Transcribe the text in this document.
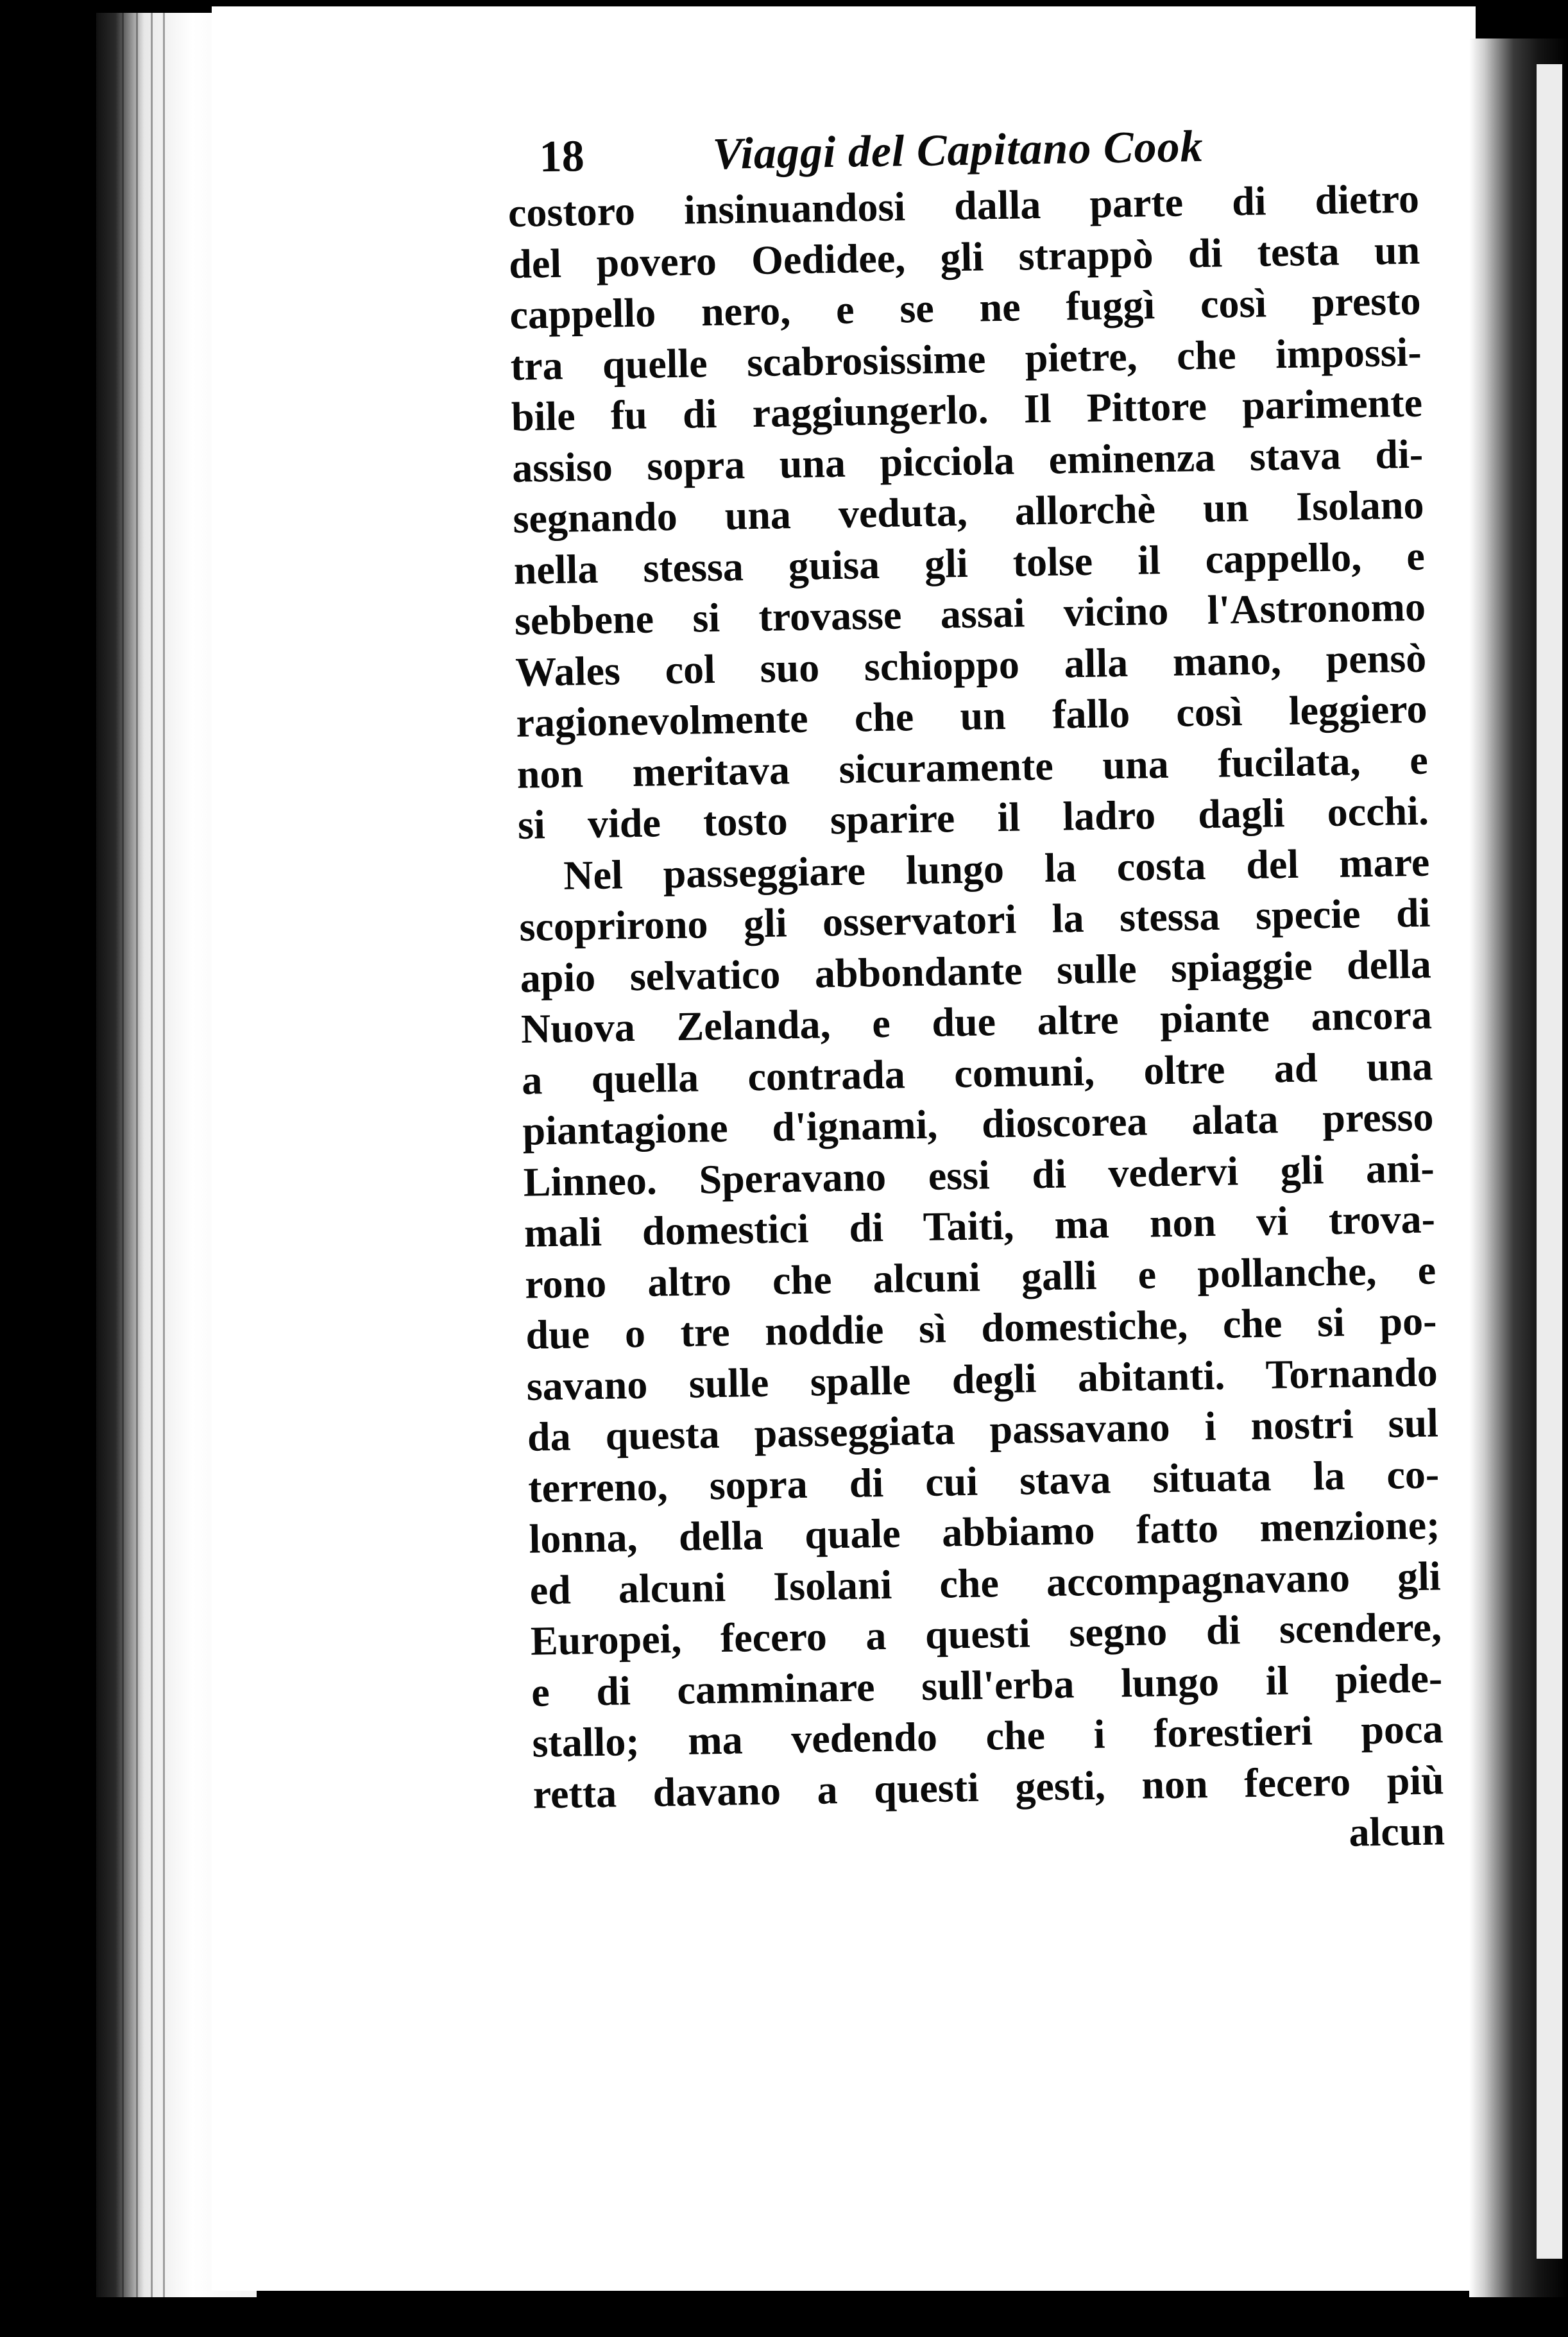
18	Viaggi del Capitano Cook
costoro insinuandosi dalla parte di dietro
del povero Oedidee, gli strappò di testa un
cappello nero, e se ne fuggì così presto
tra quelle scabrosissime pietre, che impossi-
bile fu di raggiungerlo. Il Pittore parimente
assiso sopra una picciola eminenza stava di-
segnando una veduta, allorchè un Isolano
nella stessa guisa gli tolse il cappello, e
sebbene si trovasse assai vicino l'Astronomo
Wales col suo schioppo alla mano, pensò
ragionevolmente che un fallo così leggiero
non meritava sicuramente una fucilata, e
si vide tosto sparire il ladro dagli occhi.
Nel passeggiare lungo la costa del mare
scoprirono gli osservatori la stessa specie di
apio selvatico abbondante sulle spiaggie della
Nuova Zelanda, e due altre piante ancora
a quella contrada comuni, oltre ad una
piantagione d'ignami, dioscorea alata presso
Linneo. Speravano essi di vedervi gli ani-
mali domestici di Taiti, ma non vi trova-
rono altro che alcuni galli e pollanche, e
due o tre noddie sì domestiche, che si po-
savano sulle spalle degli abitanti. Tornando
da questa passeggiata passavano i nostri sul
terreno, sopra di cui stava situata la co-
lonna, della quale abbiamo fatto menzione;
ed alcuni Isolani che accompagnavano gli
Europei, fecero a questi segno di scendere,
e di camminare sull'erba lungo il piede-
stallo; ma vedendo che i forestieri poca
retta davano a questi gesti, non fecero più
alcun
